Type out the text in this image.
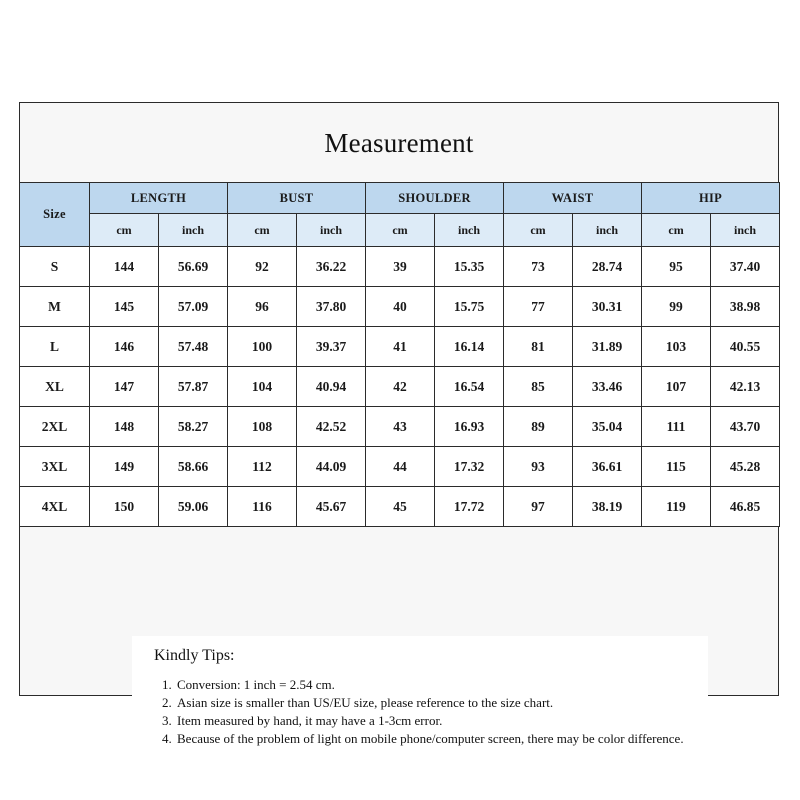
Measurement
Size	LENGTH		BUST		SHOULDER		WAIST		HIP	
	cm	inch	cm	inch	cm	inch	cm	inch	cm	inch
S	144	56.69	92	36.22	39	15.35	73	28.74	95	37.40
M	145	57.09	96	37.80	40	15.75	77	30.31	99	38.98
L	146	57.48	100	39.37	41	16.14	81	31.89	103	40.55
XL	147	57.87	104	40.94	42	16.54	85	33.46	107	42.13
2XL	148	58.27	108	42.52	43	16.93	89	35.04	111	43.70
3XL	149	58.66	112	44.09	44	17.32	93	36.61	115	45.28
4XL	150	59.06	116	45.67	45	17.72	97	38.19	119	46.85
Kindly Tips:
1. Conversion: 1 inch = 2.54 cm.
2. Asian size is smaller than US/EU size, please reference to the size chart.
3. Item measured by hand, it may have a 1-3cm error.
4. Because of the problem of light on mobile phone/computer screen, there may be color difference.
